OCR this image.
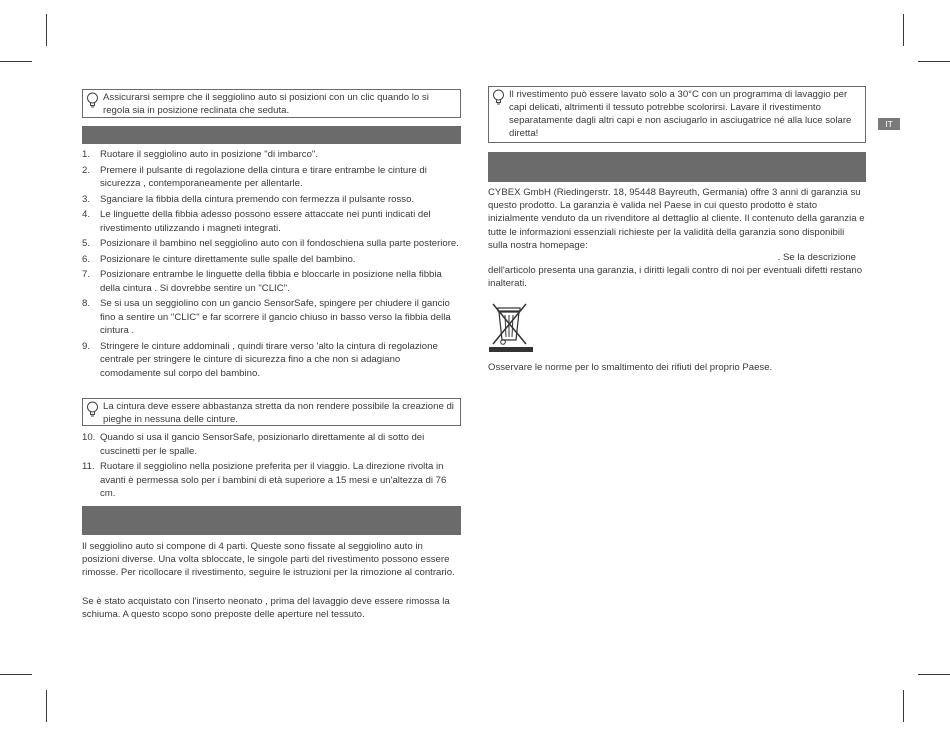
Assicurarsi sempre che il seggiolino auto si posizioni con un clic quando lo si regola sia in posizione reclinata che seduta.
1. Ruotare il seggiolino auto in posizione "di imbarco".
2. Premere il pulsante di regolazione della cintura e tirare entrambe le cinture di sicurezza , contemporaneamente per allentarle.
3. Sganciare la fibbia della cintura premendo con fermezza il pulsante rosso.
4. Le linguette della fibbia adesso possono essere attaccate nei punti indicati del rivestimento utilizzando i magneti integrati.
5. Posizionare il bambino nel seggiolino auto con il fondoschiena sulla parte posteriore.
6. Posizionare le cinture direttamente sulle spalle del bambino.
7. Posizionare entrambe le linguette della fibbia e bloccarle in posizione nella fibbia della cintura . Si dovrebbe sentire un "CLIC".
8. Se si usa un seggiolino con un gancio SensorSafe, spingere per chiudere il gancio fino a sentire un "CLIC" e far scorrere il gancio chiuso in basso verso la fibbia della cintura .
9. Stringere le cinture addominali , quindi tirare verso 'alto la cintura di regolazione centrale per stringere le cinture di sicurezza fino a che non si adagiano comodamente sul corpo del bambino.
La cintura deve essere abbastanza stretta da non rendere possibile la creazione di pieghe in nessuna delle cinture.
10. Quando si usa il gancio SensorSafe, posizionarlo direttamente al di sotto dei cuscinetti per le spalle.
11. Ruotare il seggiolino nella posizione preferita per il viaggio. La direzione rivolta in avanti è permessa solo per i bambini di età superiore a 15 mesi e un'altezza di 76 cm.

Il seggiolino auto si compone di 4 parti. Queste sono fissate al seggiolino auto in posizioni diverse. Una volta sbloccate, le singole parti del rivestimento possono essere rimosse. Per ricollocare il rivestimento, seguire le istruzioni per la rimozione al contrario.

Se è stato acquistato con l'inserto neonato , prima del lavaggio deve essere rimossa la schiuma. A questo scopo sono preposte delle aperture nel tessuto.

Il rivestimento può essere lavato solo a 30°C con un programma di lavaggio per capi delicati, altrimenti il tessuto potrebbe scolorirsi. Lavare il rivestimento separatamente dagli altri capi e non asciugarlo in asciugatrice né alla luce solare diretta!

CYBEX GmbH (Riedingerstr. 18, 95448 Bayreuth, Germania) offre 3 anni di garanzia su questo prodotto. La garanzia è valida nel Paese in cui questo prodotto è stato inizialmente venduto da un rivenditore al dettaglio al cliente. Il contenuto della garanzia e tutte le informazioni essenziali richieste per la validità della garanzia sono disponibili sulla nostra homepage:

. Se la descrizione

dell'articolo presenta una garanzia, i diritti legali contro di noi per eventuali difetti restano inalterati.

Osservare le norme per lo smaltimento dei rifiuti del proprio Paese.

IT
